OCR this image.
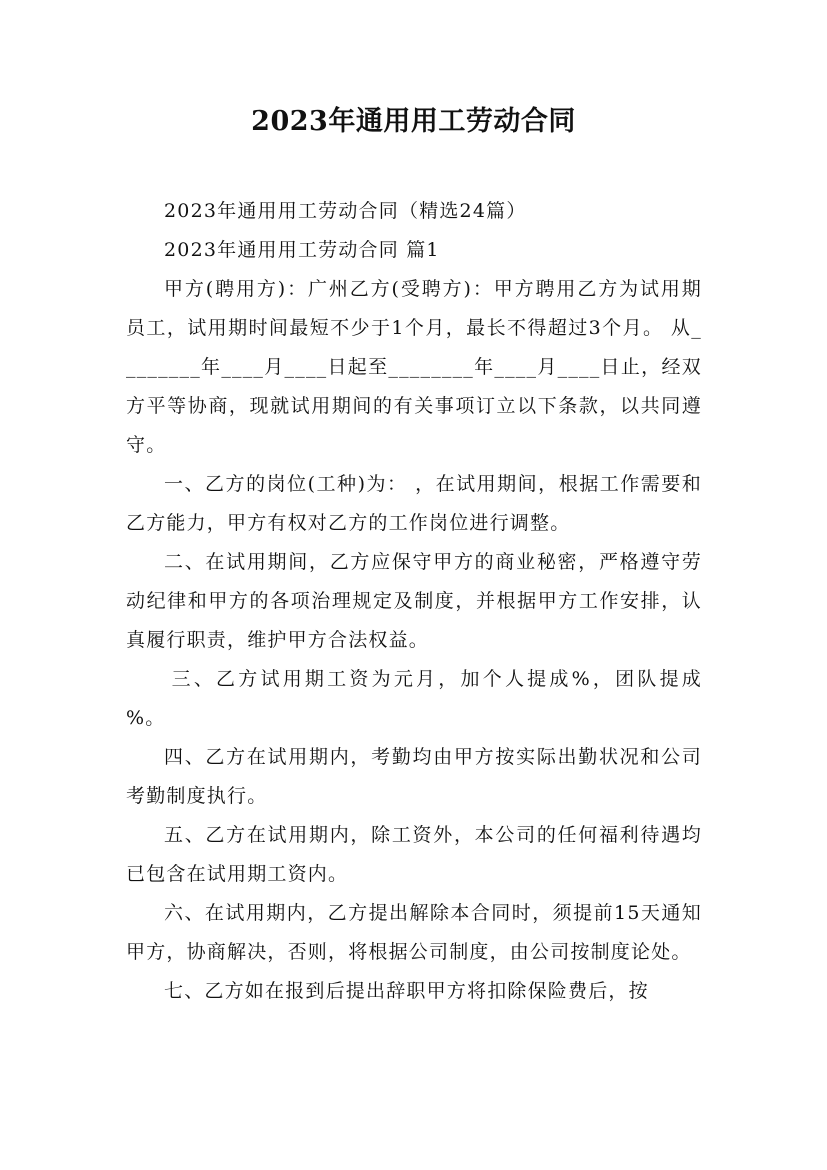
2023年通用用工劳动合同

2023年通用用工劳动合同（精选24篇）

2023年通用用工劳动合同 篇1

甲方(聘用方)：广州乙方(受聘方)：甲方聘用乙方为试用期员工，试用期时间最短不少于1个月，最长不得超过3个月。 从________年____月____日起至________年____月____日止，经双方平等协商，现就试用期间的有关事项订立以下条款，以共同遵守。

一、乙方的岗位(工种)为： ，在试用期间，根据工作需要和乙方能力，甲方有权对乙方的工作岗位进行调整。

二、在试用期间，乙方应保守甲方的商业秘密，严格遵守劳动纪律和甲方的各项治理规定及制度，并根据甲方工作安排，认真履行职责，维护甲方合法权益。

三、乙方试用期工资为元月，加个人提成%，团队提成 %。

四、乙方在试用期内，考勤均由甲方按实际出勤状况和公司考勤制度执行。

五、乙方在试用期内，除工资外，本公司的任何福利待遇均已包含在试用期工资内。

六、在试用期内，乙方提出解除本合同时，须提前15天通知甲方，协商解决，否则，将根据公司制度，由公司按制度论处。

七、乙方如在报到后提出辞职甲方将扣除保险费后，按
